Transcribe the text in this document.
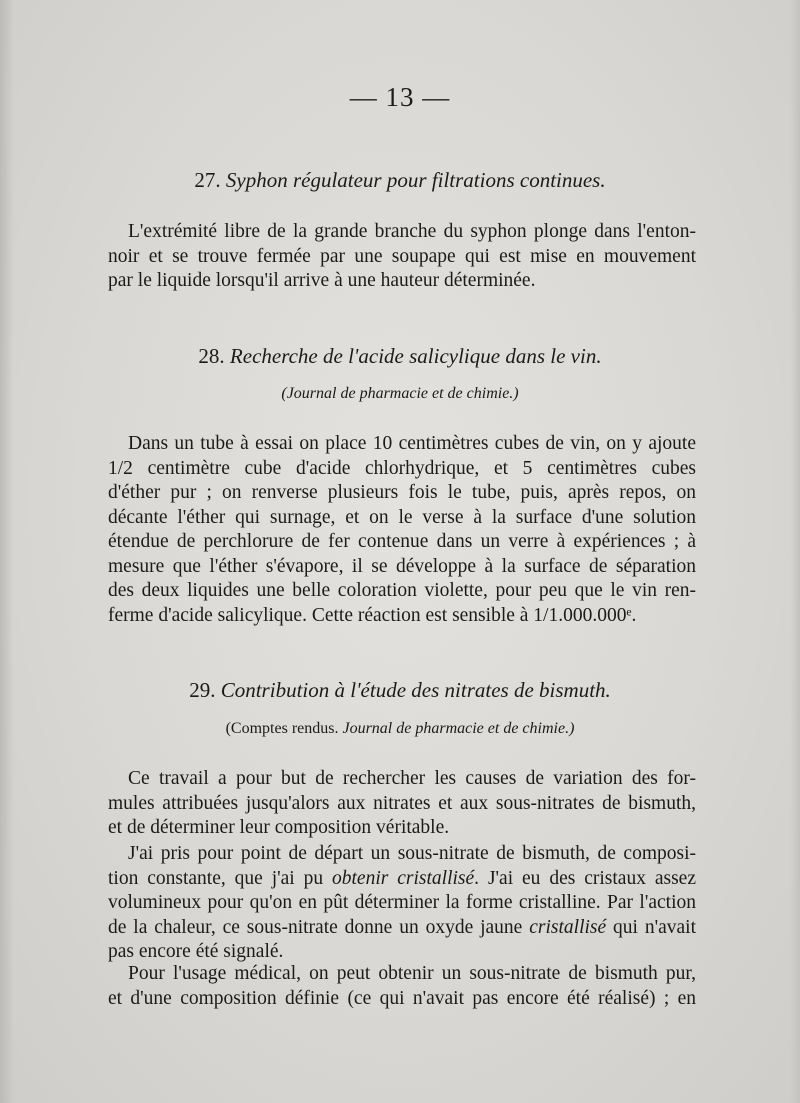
— 13 —
27. Syphon régulateur pour filtrations continues.
L'extrémité libre de la grande branche du syphon plonge dans l'enton-
noir et se trouve fermée par une soupape qui est mise en mouvement
par le liquide lorsqu'il arrive à une hauteur déterminée.
28. Recherche de l'acide salicylique dans le vin.
(Journal de pharmacie et de chimie.)
Dans un tube à essai on place 10 centimètres cubes de vin, on y ajoute
1/2 centimètre cube d'acide chlorhydrique, et 5 centimètres cubes
d'éther pur ; on renverse plusieurs fois le tube, puis, après repos, on
décante l'éther qui surnage, et on le verse à la surface d'une solution
étendue de perchlorure de fer contenue dans un verre à expériences ; à
mesure que l'éther s'évapore, il se développe à la surface de séparation
des deux liquides une belle coloration violette, pour peu que le vin ren-
ferme d'acide salicylique. Cette réaction est sensible à 1/1.000.000ᵉ.
29. Contribution à l'étude des nitrates de bismuth.
(Comptes rendus. Journal de pharmacie et de chimie.)
Ce travail a pour but de rechercher les causes de variation des for-
mules attribuées jusqu'alors aux nitrates et aux sous-nitrates de bismuth,
et de déterminer leur composition véritable.
J'ai pris pour point de départ un sous-nitrate de bismuth, de composi-
tion constante, que j'ai pu obtenir cristallisé. J'ai eu des cristaux assez
volumineux pour qu'on en pût déterminer la forme cristalline. Par l'action
de la chaleur, ce sous-nitrate donne un oxyde jaune cristallisé qui n'avait
pas encore été signalé.
Pour l'usage médical, on peut obtenir un sous-nitrate de bismuth pur,
et d'une composition définie (ce qui n'avait pas encore été réalisé) ; en
